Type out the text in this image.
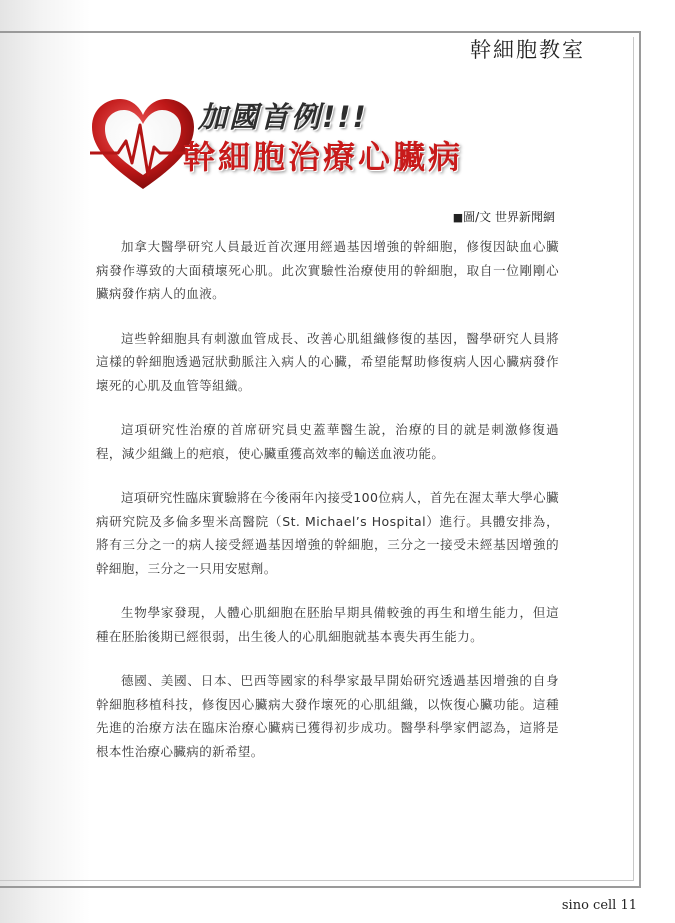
幹細胞教室
加國首例!!!
幹細胞治療心臟病
■圖/文 世界新聞網

加拿大醫學研究人員最近首次運用經過基因增強的幹細胞，修復因缺血心臟病發作導致的大面積壞死心肌。此次實驗性治療使用的幹細胞，取自一位剛剛心臟病發作病人的血液。

這些幹細胞具有刺激血管成長、改善心肌組織修復的基因，醫學研究人員將這樣的幹細胞透過冠狀動脈注入病人的心臟，希望能幫助修復病人因心臟病發作壞死的心肌及血管等組織。

這項研究性治療的首席研究員史蓋華醫生說，治療的目的就是刺激修復過程，減少組織上的疤痕，使心臟重獲高效率的輸送血液功能。

這項研究性臨床實驗將在今後兩年內接受100位病人，首先在渥太華大學心臟病研究院及多倫多聖米高醫院（St. Michael’s Hospital）進行。具體安排為，將有三分之一的病人接受經過基因增強的幹細胞，三分之一接受未經基因增強的幹細胞，三分之一只用安慰劑。

生物學家發現，人體心肌細胞在胚胎早期具備較強的再生和增生能力，但這種在胚胎後期已經很弱，出生後人的心肌細胞就基本喪失再生能力。

德國、美國、日本、巴西等國家的科學家最早開始研究透過基因增強的自身幹細胞移植科技，修復因心臟病大發作壞死的心肌組織，以恢復心臟功能。這種先進的治療方法在臨床治療心臟病已獲得初步成功。醫學科學家們認為，這將是根本性治療心臟病的新希望。

sino cell 11
